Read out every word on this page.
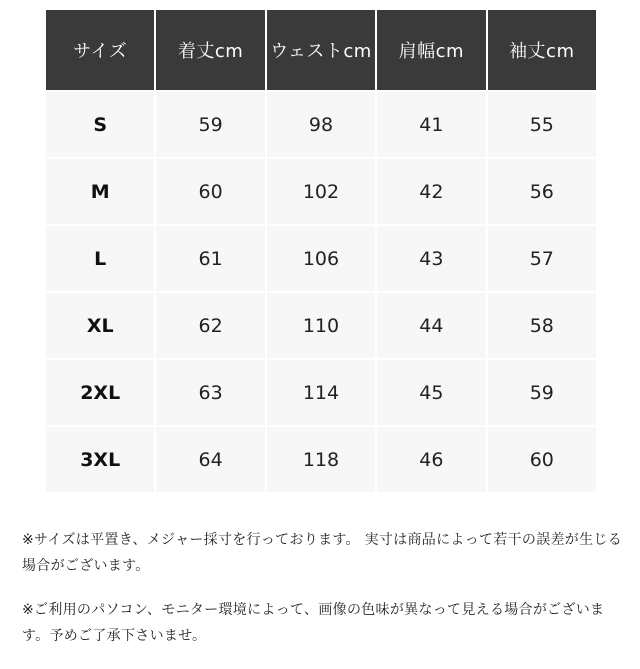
サイズ	着丈cm	ウェストcm	肩幅cm	袖丈cm
S	59	98	41	55
M	60	102	42	56
L	61	106	43	57
XL	62	110	44	58
2XL	63	114	45	59
3XL	64	118	46	60

※サイズは平置き、メジャー採寸を行っております。 実寸は商品によって若干の誤差が生じる場合がございます。

※ご利用のパソコン、モニター環境によって、画像の色味が異なって見える場合がございます。予めご了承下さいませ。
